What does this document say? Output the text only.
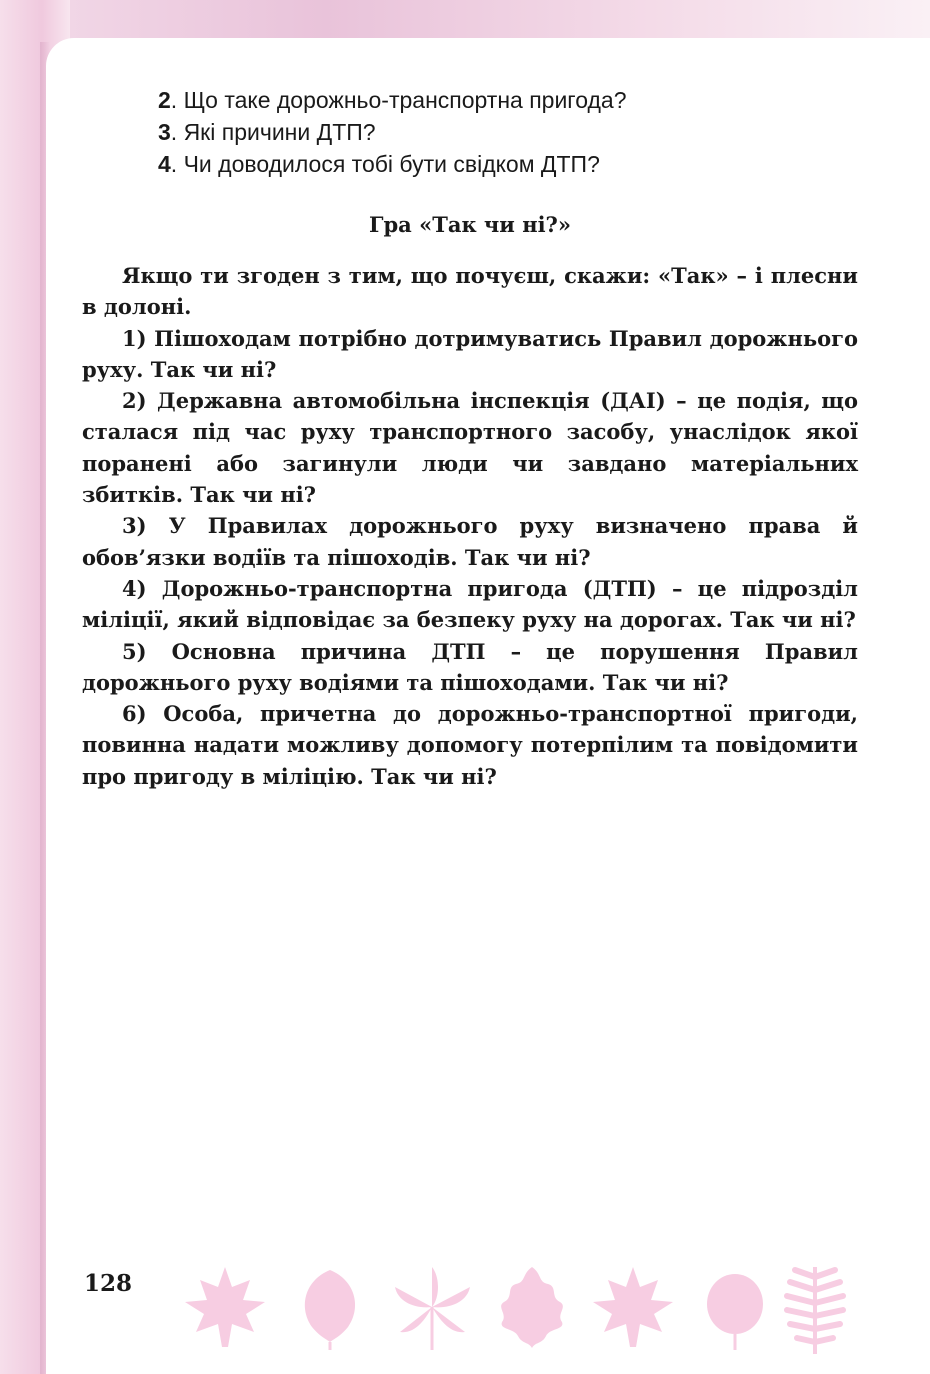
2. Що таке дорожньо-транспортна пригода?
3. Які причини ДТП?
4. Чи доводилося тобі бути свідком ДТП?
Гра «Так чи ні?»

Якщо ти згоден з тим, що почуєш, скажи: «Так» – і плесни в долоні.

1) Пішоходам потрібно дотримуватись Правил дорожнього руху. Так чи ні?

2) Державна автомобільна інспекція (ДАІ) – це подія, що сталася під час руху транспортного засобу, унаслідок якої поранені або загинули люди чи завдано матеріальних збитків. Так чи ні?

3) У Правилах дорожнього руху визначено права й обов’язки водіїв та пішоходів. Так чи ні?

4) Дорожньо-транспортна пригода (ДТП) – це підрозділ міліції, який відповідає за безпеку руху на дорогах. Так чи ні?

5) Основна причина ДТП – це порушення Правил дорожнього руху водіями та пішоходами. Так чи ні?

6) Особа, причетна до дорожньо-транспортної пригоди, повинна надати можливу допомогу потерпілим та повідомити про пригоду в міліцію. Так чи ні?

128
